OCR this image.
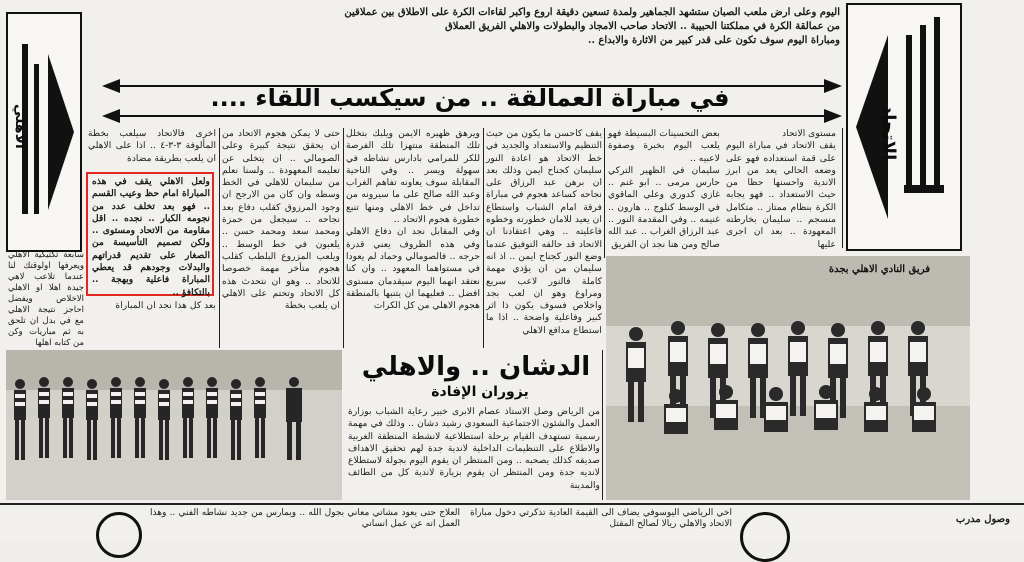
الاتحاد
الاهلي

اليوم وعلى ارض ملعب الصبان ستشهد الجماهير ولمدة تسعين دقيقة اروع واكبر لقاءات الكرة على الاطلاق بين عملاقين

من عمالقة الكرة في مملكتنا الحبيبة .. الاتحاد صاحب الامجاد والبطولات والاهلي الفريق العملاق

ومباراة اليوم سوف تكون على قدر كبير من الاثارة والابداع ..

في مباراة العمالقة .. من سيكسب اللقاء ....

مستوى الاتحاد
يقف الاتحاد في مباراة اليوم على قمة استعداده فهو على وضعه الحالي يعد من ابرز الاندية واحسنها حظا من حيث الاستعداد .. فهو يجابه الكرة بنظام ممتاز .. متكامل منسجم .. سليمان بخارطته المعهودة .. بعد ان اجرى عليها

بعض التحسينات البسيطة فهو يلعب اليوم بخبرة وصفوة لاعبيه ..
سليمان في الظهير التركي حارس مرمى .. ابو غنم .. غازي كدوري وعلي الماقوي في الوسط كنلوج .. هارون .. غنيمه .. وفي المقدمة النور .. عبد الرزاق الغراب .. عبد الله صالح ومن هنا نجد ان الفريق

يقف كاحسن ما يكون من حيث التنظيم والاستعداد والجديد في خط الاتحاد هو اعادة النور سليمان كجناح ايمن وذلك بعد ان برهن عبد الرزاق على نجاحه كساعد هجوم في مباراة فرقة امام الشباب واستطاع ان يعيد للامان خطورته وخطوه فاعليته .. وهي اعتقادنا ان الاتحاد قد حالفه التوفيق عندما وضع النور كجناح ايمن .. اذ انه سليمان من ان يؤدي مهمة كاملة فالنور لاعب سريع ومراوغ وهو ان لعب بجد واخلاص فسوف يكون ذا اثر كبير وفاعلية واضحة .. اذا ما استطاع مدافع الاهلي

ويرهق ظهيره الايمن ويلبك بتخلل تلك المنطقة منتهزا تلك الفرصة للكر للمرامي بادارس نشاطه في سهولة ويسر .. وفي الناحية المقابلة سوف يعاونه تفاهم الغراب وعبد الله صالح على ما سيرونه من تداخل في خط الاهلي ومنها تنبع خطورة هجوم الاتحاد ..
وفي المقابل نجد ان دفاع الاهلي وفي هذه الظروف يعني قدرة حرجه .. فالصومالي وحماد لم يعودا في مستواهما المعهود .. وان كنا نعتقد انهما اليوم سيقدمان مستوى افضل .. فعليهما ان يتنبها بالمنطقة هجوم الاهلي من كل الكرات

حتى لا يمكن هجوم الاتحاد من ان يحقق نتيجة كبيرة وعلى الصومالي .. ان يتخلى عن تعليمه المعهودة .. ولسنا نعلم من سليمان للاهلي في الخط وسطه وان كان من الارجح ان وجود المرزوق كقلب دفاع بعد نجاحه .. سيجعل من حمزة ومحمد سعد ومحمد حسن .. يلعبون في خط الوسط .. ويلعب المزروع البلطب كقلب هجوم متأخر مهمة خصوصا للاتحاد .. وهو ان نتحدث هذه كل الاتحاد وتحتم على الاهلي ان يلعب بخطة

اخرى فالاتحاد سيلعب بخطة المألوفة ٣-٣-٤ .. اذا على الاهلي ان يلعب بطريقة مضادة

ولعل الاهلي يقف في هذه المباراة امام حظ وعيب القسم .. فهو بعد تخلف عدد من نجومه الكبار .. نجده .. اقل مقاومة من الاتحاد ومستوى .. ولكن تصميم التأسيسة من الصغار على تقديم قدراتهم والبدلات وجودهم قد يعطي المباراة فاعلية وبهجة .. بالتكافؤ ..

بعد كل هذا نجد ان المباراة

سابعة تكتيكية الاهلي ويعرفها اولوقتك لنا عندما تلاعب لاهي جيدة اهلا او الاهلي الاخلاص ويفضل احاجز نتيجة الاهلي مع في بدل ان تلحق به ثم مباريات وكن من كتابه اهلها

فريق النادي الاهلي بجدة
الدشان .. والاهلي
يزوران الإفادة

من الرياض وصل الاستاذ عصام الابرى خبير رعاية الشباب بوزارة العمل والشئون الاجتماعية السعودي رشيد دشان .. وذلك في مهمة رسمية تستهدف القيام برحلة استطلاعية لانشطة المنطقة الغربية والاطلاع على التنظيمات الداخلية لاندية جدة لهم تحقيق الاهداف صديقه كذلك يصحبه .. ومن المنتظر ان يقوم اليوم بجولة لاستطلاع لانديه جدة ومن المنتظر ان يقوم بزيارة لاندية كل من الطائف والمدينة

وصول مدرب

اخي الرياضي اليوسوفي يضاف الى القيمة العادية تذكرتي دخول مباراة الاتحاد والاهلي ريالا لصالح المقتل

العلاج حتى يعود مشاتي معاني بجول الله .. ويمارس من جديد نشاطه الفني .. وهذا العمل انه عن عمل انساني
